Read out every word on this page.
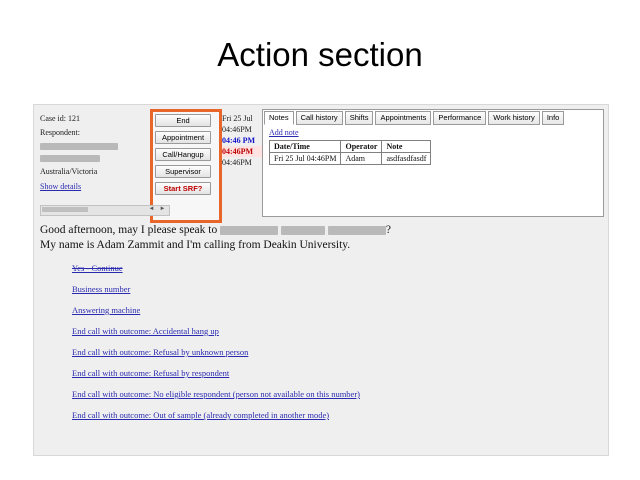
Action section
Case id: 121
Respondent:
Australia/Victoria
Show details
End
Appointment
Call/Hangup
Supervisor
Start SRF?
Fri 25 Jul
04:46PM
04:46 PM
04:46PM
04:46PM
◄ ►
Notes Call history Shifts Appointments Performance Work history Info
Add note
Date/Time	Operator	Note
Fri 25 Jul 04:46PM	Adam	asdfasdfasdf
Good afternoon, may I please speak to	?
My name is Adam Zammit and I'm calling from Deakin University.
Yes - Continue
Business number
Answering machine
End call with outcome: Accidental hang up
End call with outcome: Refusal by unknown person
End call with outcome: Refusal by respondent
End call with outcome: No eligible respondent (person not available on this number)
End call with outcome: Out of sample (already completed in another mode)
